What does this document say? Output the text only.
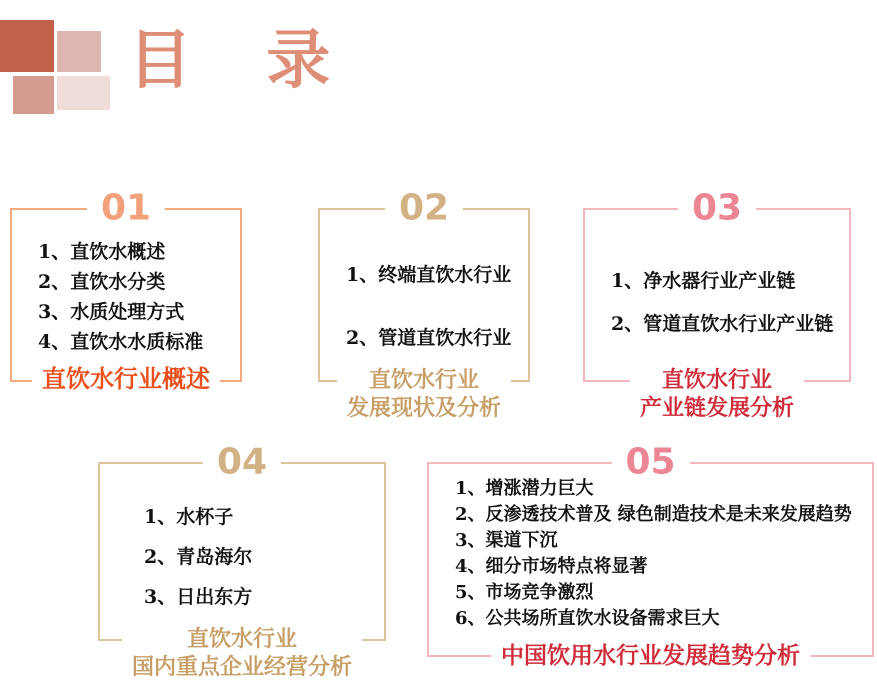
目 录
01
1、直饮水概述
2、直饮水分类
3、水质处理方式
4、直饮水水质标准
直饮水行业概述
02
1、终端直饮水行业
2、管道直饮水行业
直饮水行业
发展现状及分析
03
1、净水器行业产业链
2、管道直饮水行业产业链
直饮水行业
产业链发展分析
04
1、水杯子
2、青岛海尔
3、日出东方
直饮水行业
国内重点企业经营分析
05
1、增涨潜力巨大
2、反渗透技术普及 绿色制造技术是未来发展趋势
3、渠道下沉
4、细分市场特点将显著
5、市场竞争激烈
6、公共场所直饮水设备需求巨大
中国饮用水行业发展趋势分析
